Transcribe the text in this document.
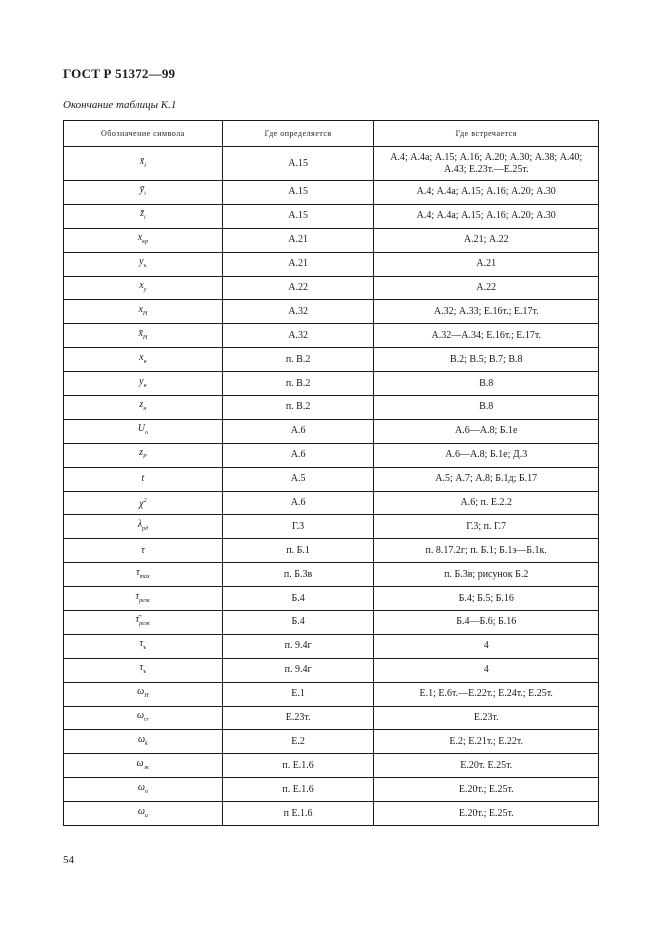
ГОСТ Р 51372—99
Окончание таблицы К.1
Обозначение символа	Где определяется	Где встречается
$x̄_i$	А.15	А.4; А.4а; А.15; А.16; А.20; А.30; А.38; А.40; А.43; Е.23т.—Е.25т.
$ȳ_i$	А.15	А.4; А.4а; А.15; А.16; А.20; А.30
$z̄_i$	А.15	А.4; А.4а; А.15; А.16; А.20; А.30
$x_{кр}$	А.21	А.21; А.22
$y_ъ$	А.21	А.21
$x_у$	А.22	А.22
$x_Н$	А.32	А.32; А.33; Е.16т.; Е.17т.
$x̄_Н$	А.32	А.32—А.34; Е.16т.; Е.17т.
$x_н$	п. В.2	В.2; В.5; В.7; В.8
$y_н$	п. В.2	В.8
$z_н$	п. В.2	В.8
$U_o$	А.6	А.6—А.8; Б.1е
$z_P$	А.6	А.6—А.8; Б.1е; Д.3
t	А.5	А.5; А.7; А.8; Б.1д; Б.17
$\chi^2$	А.6	А.6; п. Е.2.2
$\lambda_{рд}$	Г.3	Г.3; п. Г.7
τ	п. Б.1	п. 8.17.2г; п. Б.1; Б.1з—Б.1к.
$\tau_{max}$	п. Б.3в	п. Б.3в; рисунок Б.2
$\tau_{реж}$	Б.4	Б.4; Б.5; Б.16
$\taū_{реж}$	Б.4	Б.4—Б.6; Б.16
$\tau_ъ$	п. 9.4г	4
$\tau_ъ$	п. 9.4г	4
$\omega_H$	Е.1	Е.1; Е.6т.—Е.22т.; Е.24т.; Е.25т.
$\omega_{rr}$	Е.23т.	Е.23т.
$\omega_k$	Е.2	Е.2; Е.21т.; Е.22т.
$\omega_ж$	п. Е.1.6	Е.20т. Е.25т.
$\omega_п$	п. Е.1.6	Е.20т.; Е.25т.
$\omega_u$	п Е.1.6	Е.20т.; Е.25т.
54
